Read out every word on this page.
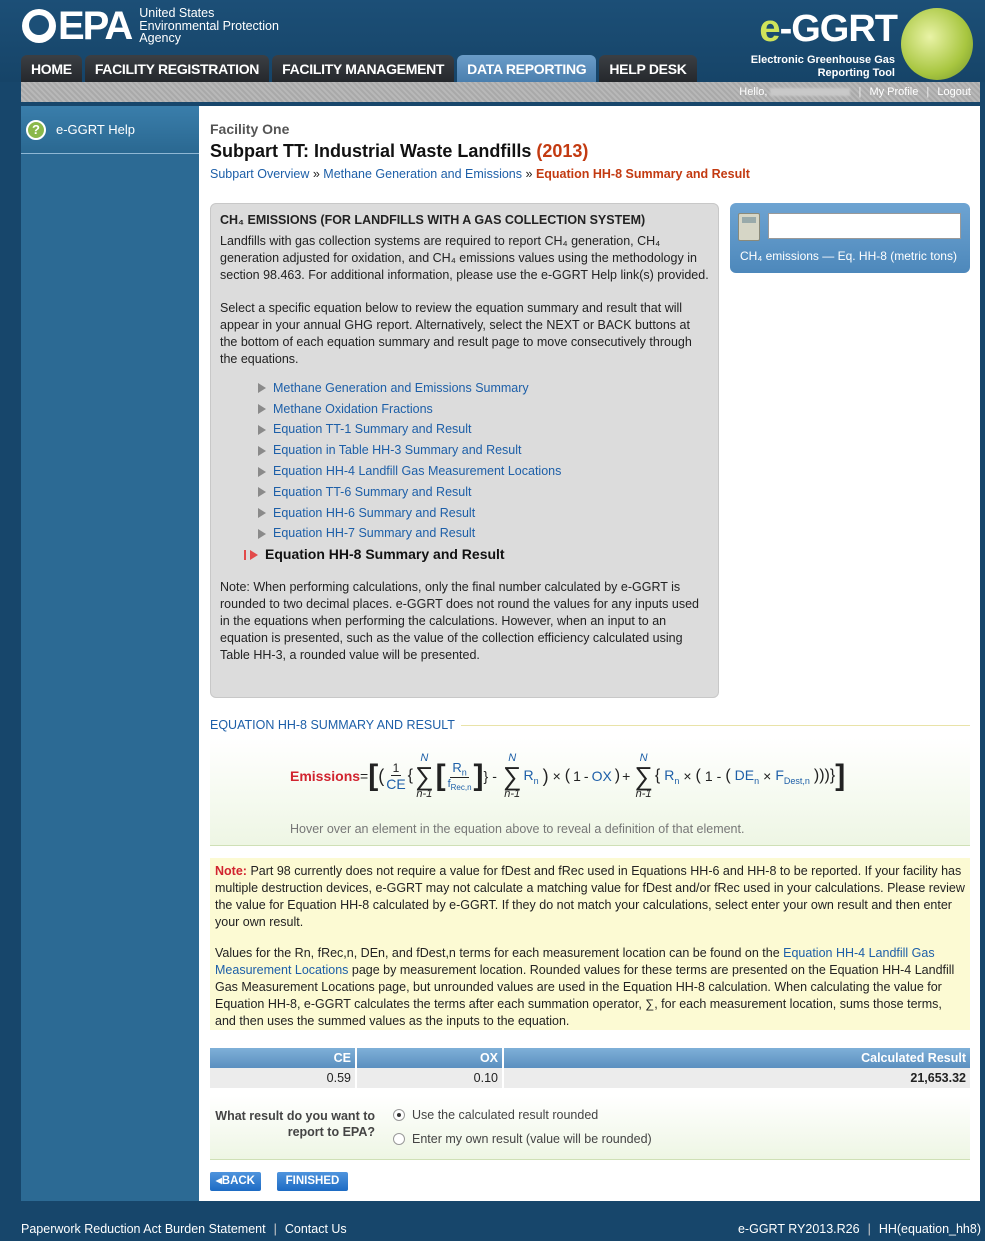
EPA United States
Environmental Protection
Agency	e-GGRT
Electronic Greenhouse Gas
Reporting Tool
HOME	FACILITY REGISTRATION	FACILITY MANAGEMENT	DATA REPORTING	HELP DESK
Hello,	| My Profile | Logout
?	e-GGRT Help	Facility One
Subpart TT: Industrial Waste Landfills (2013)
Subpart Overview » Methane Generation and Emissions » Equation HH-8 Summary and Result
CH₄ EMISSIONS (FOR LANDFILLS WITH A GAS COLLECTION SYSTEM)

Landfills with gas collection systems are required to report CH₄ generation, CH₄ generation adjusted for oxidation, and CH₄ emissions values using the methodology in section 98.463. For additional information, please use the e-GGRT Help link(s) provided.

Select a specific equation below to review the equation summary and result that will appear in your annual GHG report. Alternatively, select the NEXT or BACK buttons at the bottom of each equation summary and result page to move consecutively through the equations.

Methane Generation and Emissions Summary
Methane Oxidation Fractions
Equation TT-1 Summary and Result
Equation in Table HH-3 Summary and Result
Equation HH-4 Landfill Gas Measurement Locations
Equation TT-6 Summary and Result
Equation HH-6 Summary and Result
Equation HH-7 Summary and Result
Equation HH-8 Summary and Result

Note: When performing calculations, only the final number calculated by e-GGRT is rounded to two decimal places. e-GGRT does not round the values for any inputs used in the equations when performing the calculations. However, when an input to an equation is presented, such as the value of the collection efficiency calculated using Table HH-3, a rounded value will be presented.

CH₄ emissions — Eq. HH-8 (metric tons)
EQUATION HH-8 SUMMARY AND RESULT
Emissions = [ ( $\frac{1}{CE}$ {
N
∑
n-1
[ $\frac{R_n}{f_{Rec,n}}$ ] } -
N
∑
n-1
$R_n$ ) × ( 1 - OX ) +
N
∑
n-1
{ $R_n$ × ( 1 - ( $DE_n \times F_{Dest,n}$ )))} ]
Hover over an element in the equation above to reveal a definition of that element.

Note: Part 98 currently does not require a value for fDest and fRec used in Equations HH-6 and HH-8 to be reported. If your facility has multiple destruction devices, e-GGRT may not calculate a matching value for fDest and/or fRec used in your calculations. Please review the value for Equation HH-8 calculated by e-GGRT. If they do not match your calculations, select enter your own result and then enter your own result.

Values for the Rn, fRec,n, DEn, and fDest,n terms for each measurement location can be found on the Equation HH-4 Landfill Gas Measurement Locations page by measurement location. Rounded values for these terms are presented on the Equation HH-4 Landfill Gas Measurement Locations page, but unrounded values are used in the Equation HH-8 calculation. When calculating the value for Equation HH-8, e-GGRT calculates the terms after each summation operator, ∑, for each measurement location, sums those terms, and then uses the summed values as the inputs to the equation.

CE	OX	Calculated Result
0.59	0.10	21,653.32
What result do you want to report to EPA?
Use the calculated result rounded
Enter my own result (value will be rounded)
◂BACK	FINISHED
Paperwork Reduction Act Burden Statement | Contact Us	e-GGRT RY2013.R26 | HH(equation_hh8)
